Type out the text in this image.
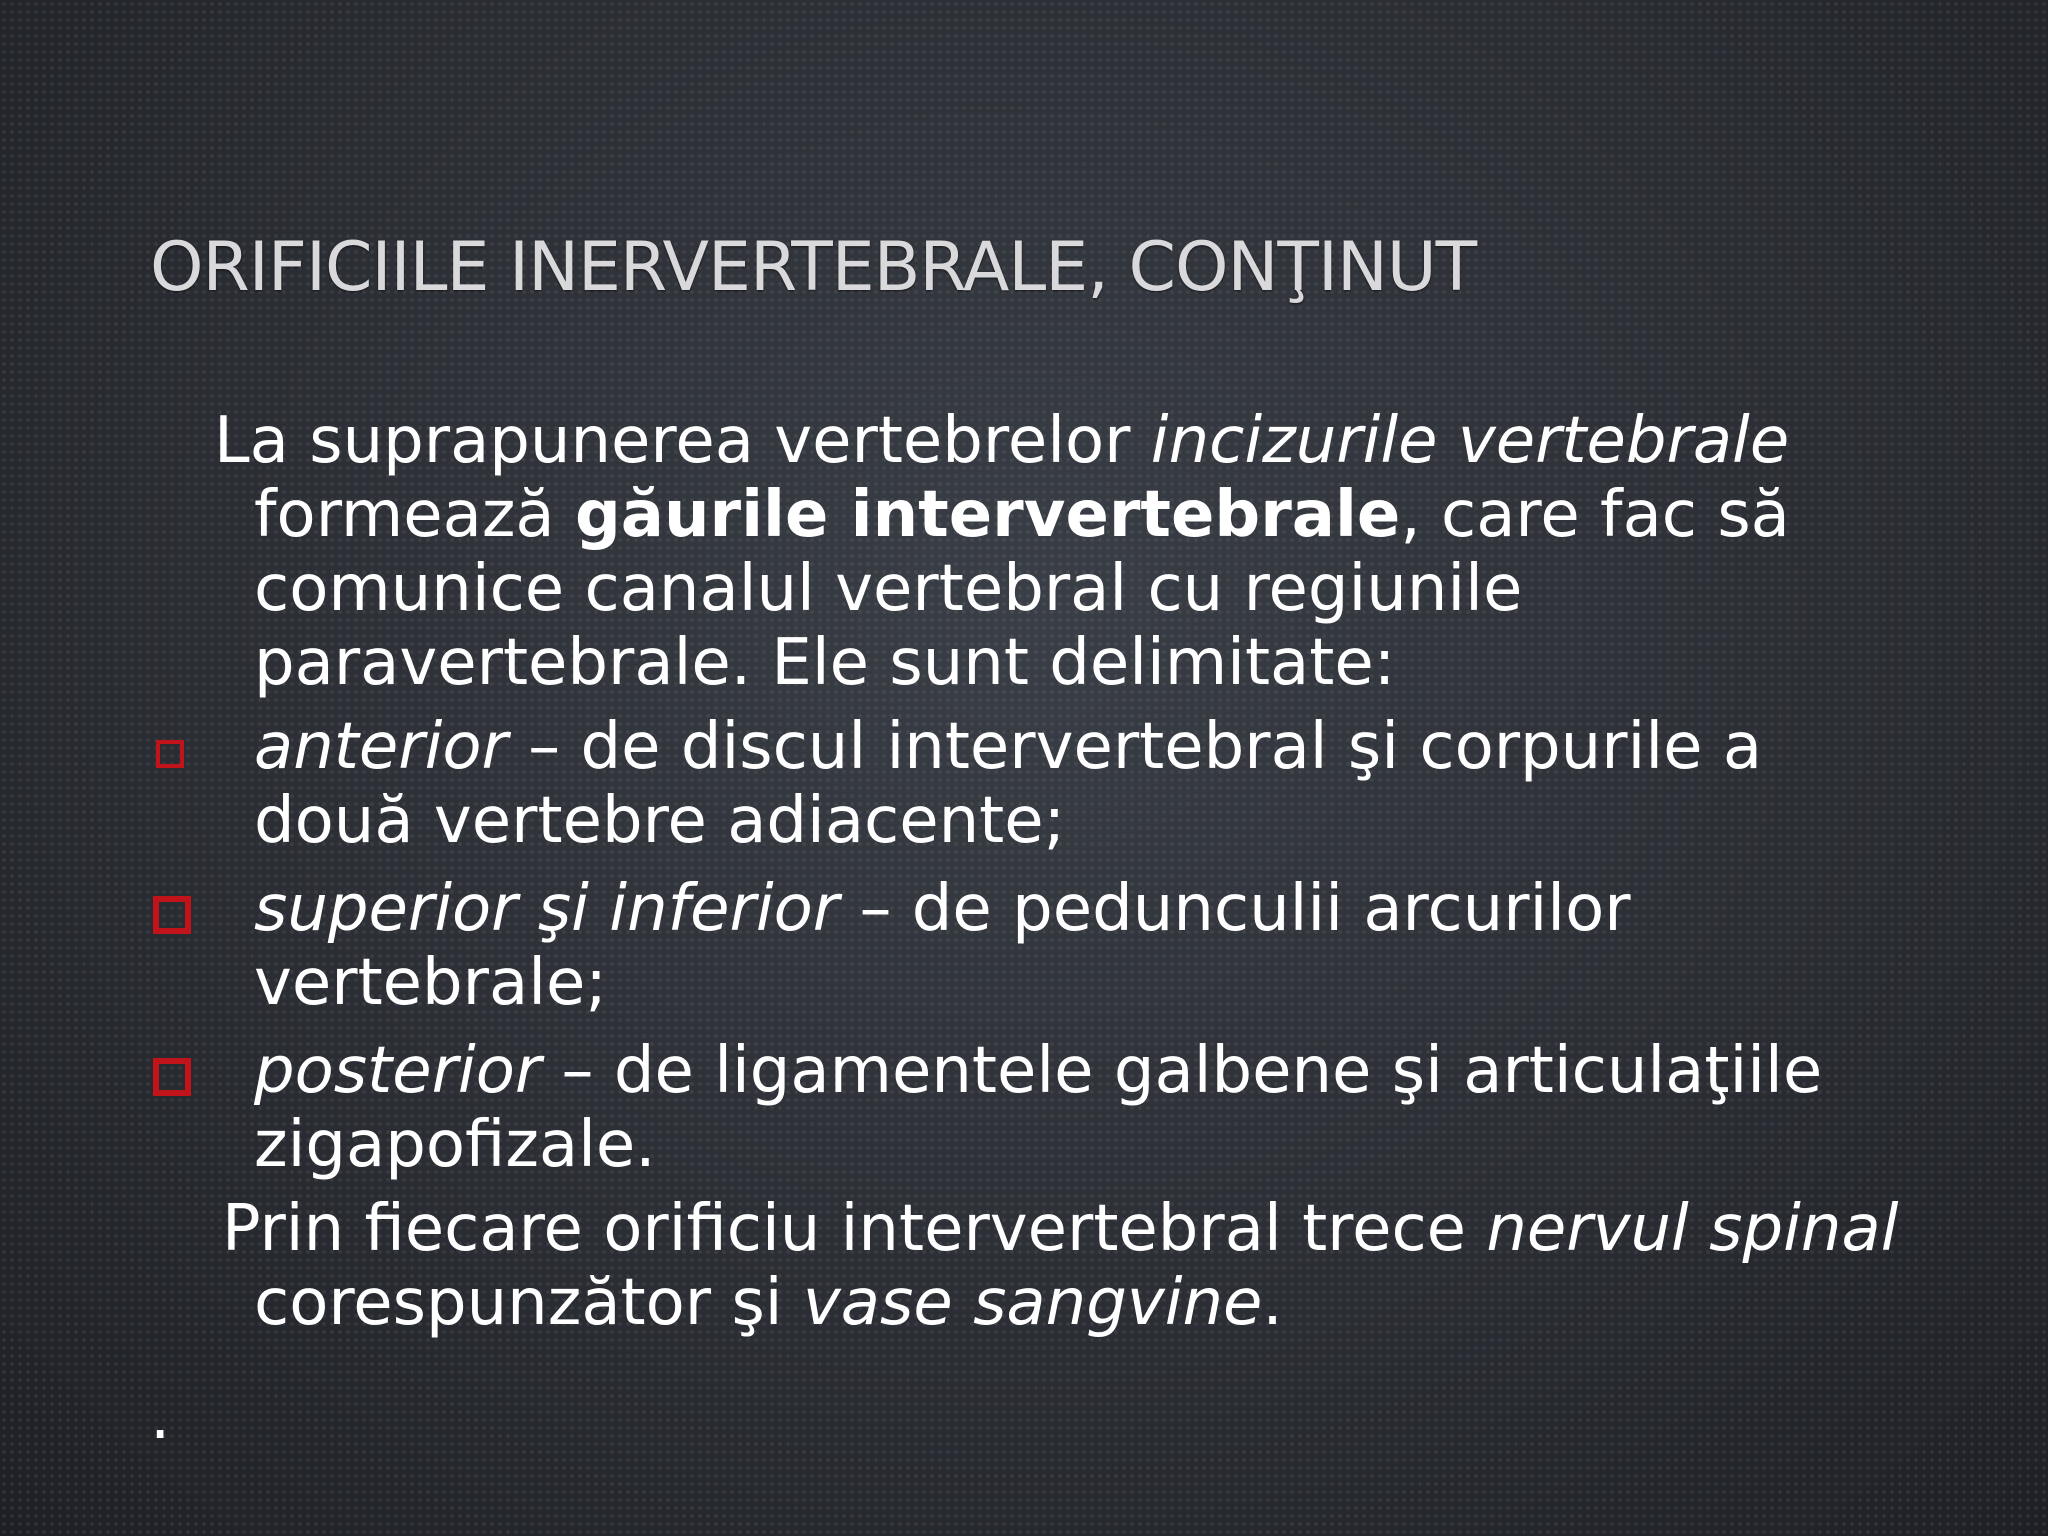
ORIFICIILE INERVERTEBRALE, CONŢINUT

La suprapunerea vertebrelor incizurile vertebrale formează găurile intervertebrale, care fac să comunice canalul vertebral cu regiunile paravertebrale. Ele sunt delimitate:

anterior – de discul intervertebral şi corpurile a două vertebre adiacente;
superior şi inferior – de pedunculii arcurilor vertebrale;
posterior – de ligamentele galbene şi articulaţiile zigapofizale.

Prin fiecare orificiu intervertebral trece nervul spinal corespunzător şi vase sangvine.

.
